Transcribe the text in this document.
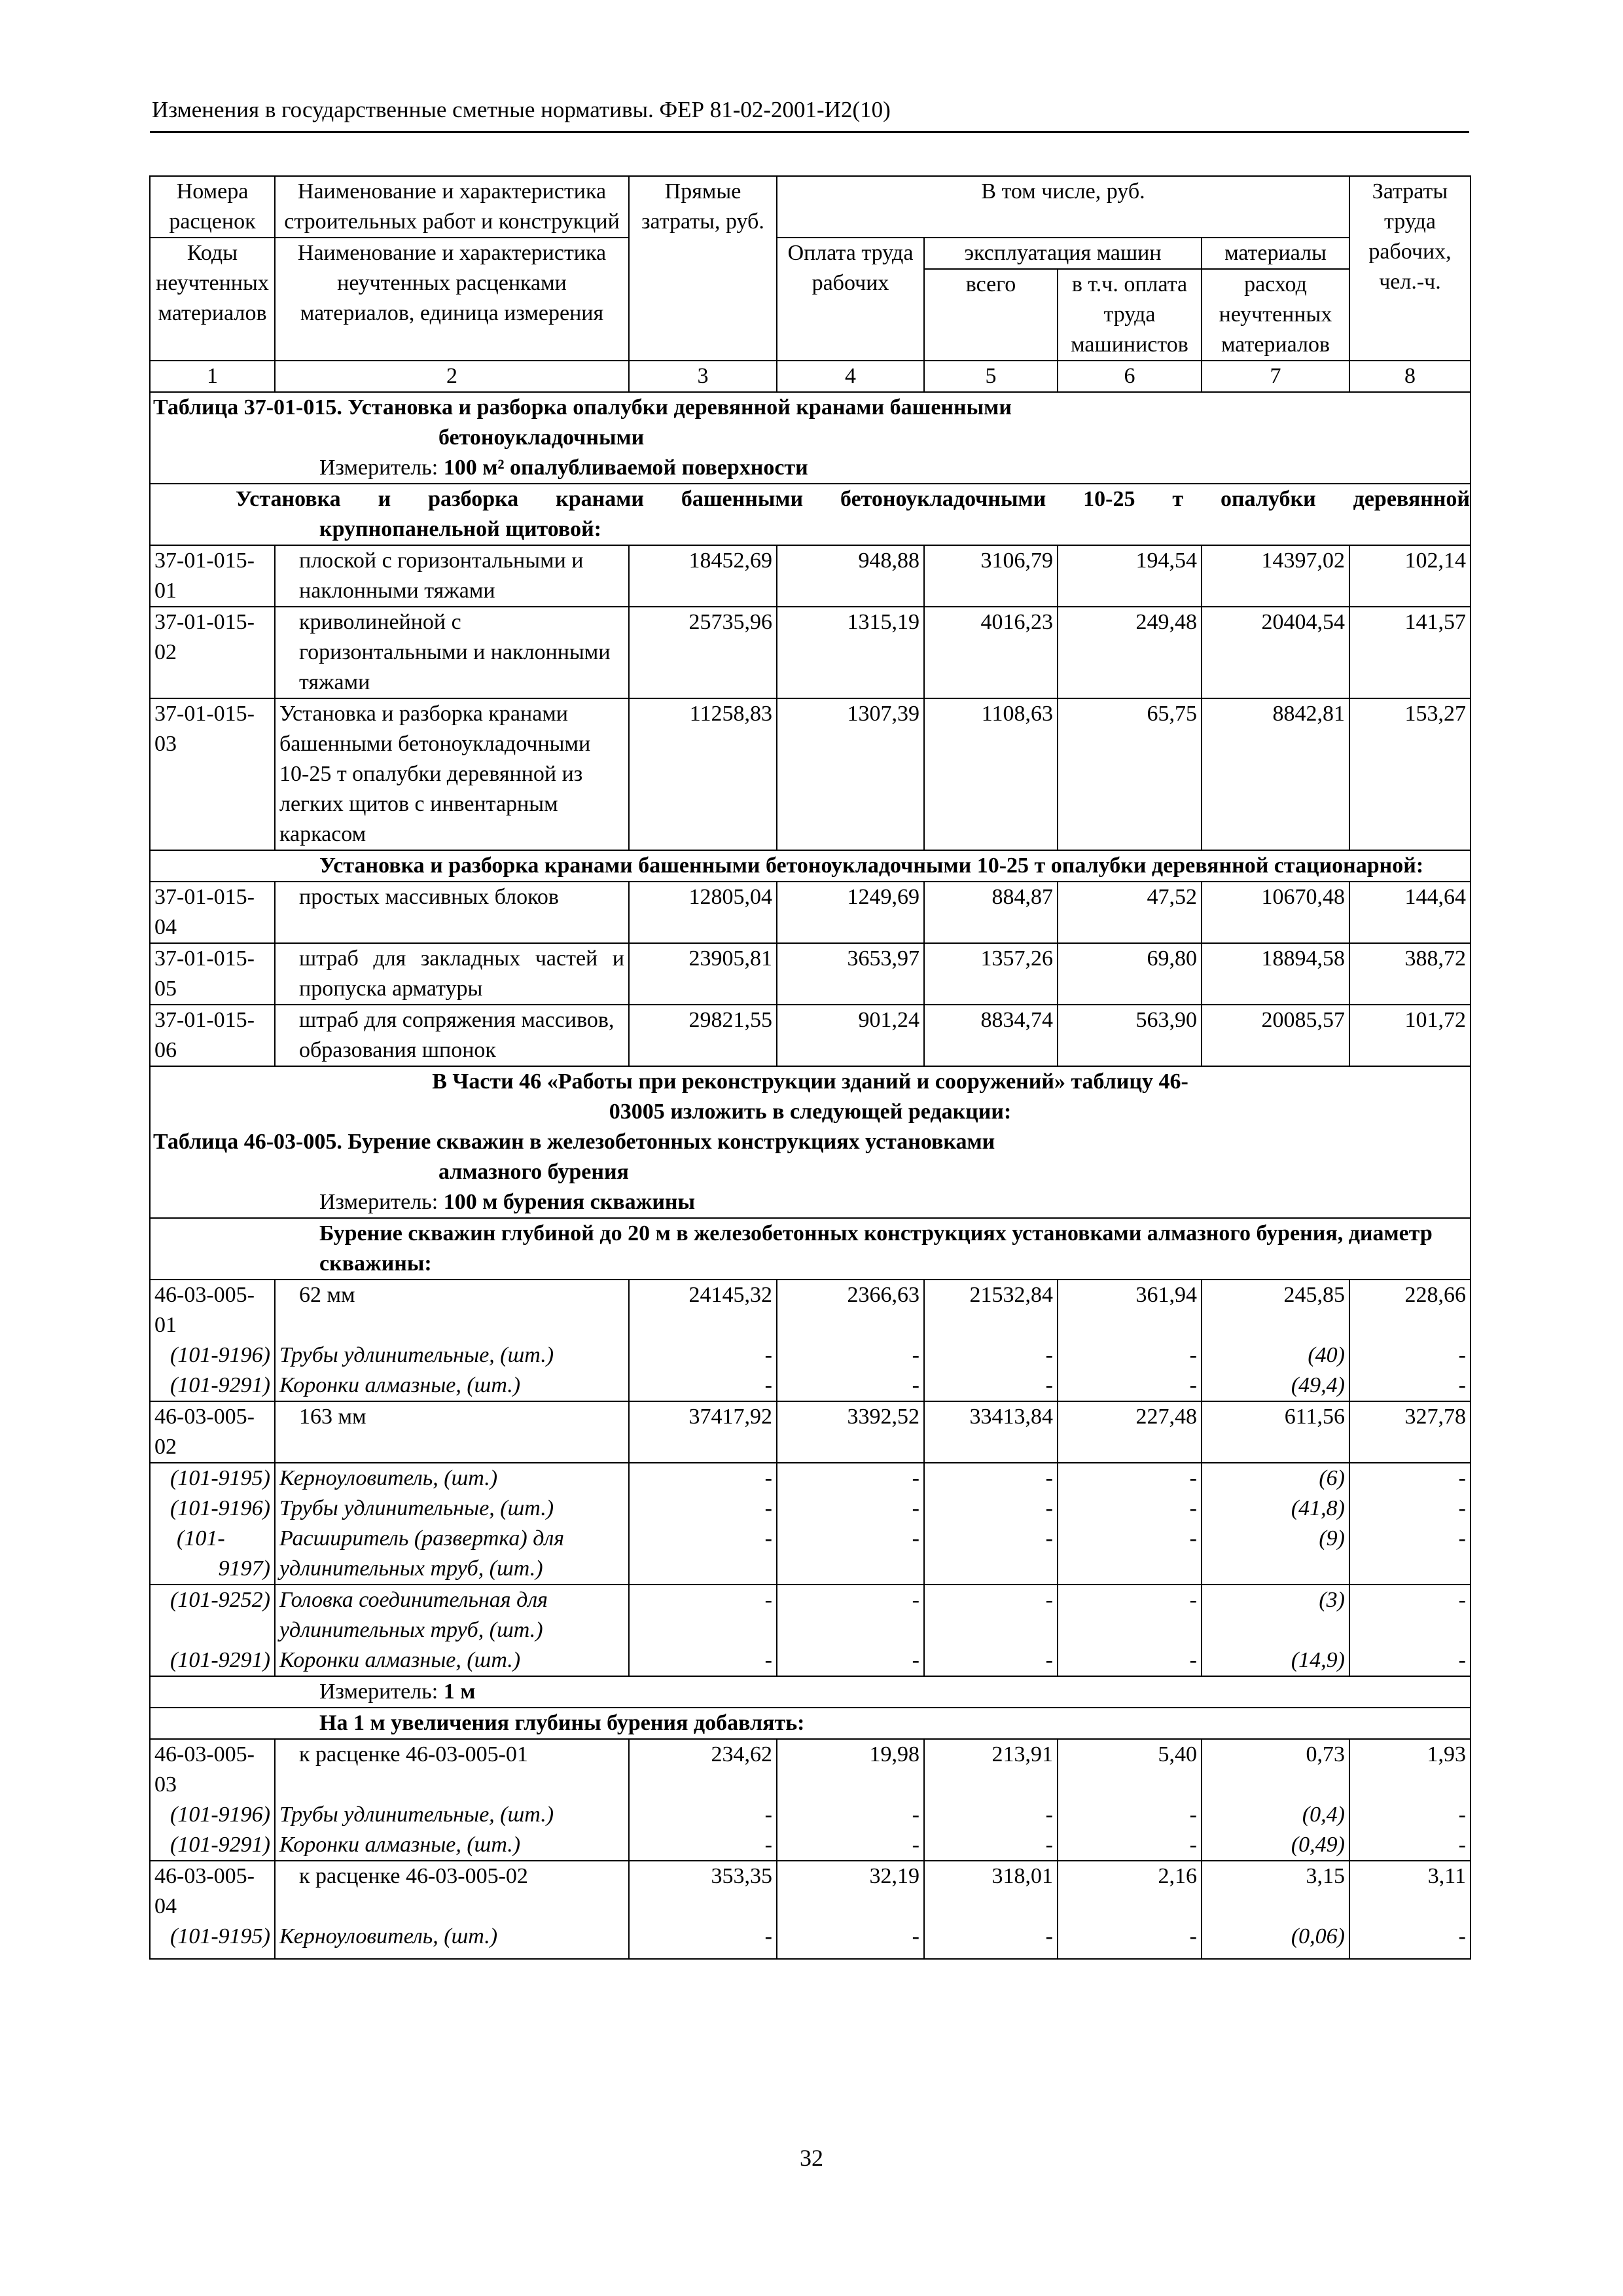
Изменения в государственные сметные нормативы. ФЕР 81-02-2001-И2(10)
Номера расценок	Наименование и характеристика строительных работ и конструкций	Прямые затраты, руб.	В том числе, руб.				Затраты труда рабочих, чел.-ч.
Коды неучтенных материалов	Наименование и характеристика неучтенных расценками материалов, единица измерения		Оплата труда рабочих	эксплуатация машин		материалы	
				всего	в т.ч. оплата труда машинистов	расход неучтенных материалов	
1	2	3	4	5	6	7	8
Таблица 37-01-015. Установка и разборка опалубки деревянной кранами башенными
бетоноукладочными							

Измеритель: 100 м² опалубливаемой поверхности							

Установка и разборка кранами башенными бетоноукладочными 10-25 т опалубки деревянной
крупнопанельной щитовой:							

37-01-015-01	плоской с горизонтальными и наклонными тяжами	18452,69	948,88	3106,79	194,54	14397,02	102,14
37-01-015-02	криволинейной с горизонтальными и наклонными тяжами	25735,96	1315,19	4016,23	249,48	20404,54	141,57
37-01-015-03	Установка и разборка кранами башенными бетоноукладочными 10-25 т опалубки деревянной из легких щитов с инвентарным каркасом	11258,83	1307,39	1108,63	65,75	8842,81	153,27
Установка и разборка кранами башенными бетоноукладочными 10-25 т опалубки деревянной стационарной:							
37-01-015-04	простых массивных блоков	12805,04	1249,69	884,87	47,52	10670,48	144,64
37-01-015-05	штраб для закладных частей и пропуска арматуры	23905,81	3653,97	1357,26	69,80	18894,58	388,72
37-01-015-06	штраб для сопряжения массивов, образования шпонок	29821,55	901,24	8834,74	563,90	20085,57	101,72

В Части 46 «Работы при реконструкции зданий и сооружений» таблицу 46-
03005 изложить в следующей редакции:							

Таблица 46-03-005. Бурение скважин в железобетонных конструкциях установками
алмазного бурения							

Измеритель: 100 м бурения скважины							
Бурение скважин глубиной до 20 м в железобетонных конструкциях установками алмазного бурения, диаметр скважины:							
46-03-005-01	62 мм	24145,32	2366,63	21532,84	361,94	245,85	228,66
(101-9196)	Трубы удлинительные, (шт.)	-	-	-	-	(40)	-
(101-9291)	Коронки алмазные, (шт.)	-	-	-	-	(49,4)	-
46-03-005-02	163 мм	37417,92	3392,52	33413,84	227,48	611,56	327,78
(101-9195)	Керноуловитель, (шт.)	-	-	-	-	(6)	-
(101-9196)	Трубы удлинительные, (шт.)	-	-	-	-	(41,8)	-
(101-9197)	Расширитель (развертка) для удлинительных труб, (шт.)	-	-	-	-	(9)	-
(101-9252)	Головка соединительная для удлинительных труб, (шт.)	-	-	-	-	(3)	-
(101-9291)	Коронки алмазные, (шт.)	-	-	-	-	(14,9)	-
Измеритель: 1 м							
На 1 м увеличения глубины бурения добавлять:							
46-03-005-03	к расценке 46-03-005-01	234,62	19,98	213,91	5,40	0,73	1,93
(101-9196)	Трубы удлинительные, (шт.)	-	-	-	-	(0,4)	-
(101-9291)	Коронки алмазные, (шт.)	-	-	-	-	(0,49)	-
46-03-005-04	к расценке 46-03-005-02	353,35	32,19	318,01	2,16	3,15	3,11
(101-9195)	Керноуловитель, (шт.)	-	-	-	-	(0,06)	-
32
